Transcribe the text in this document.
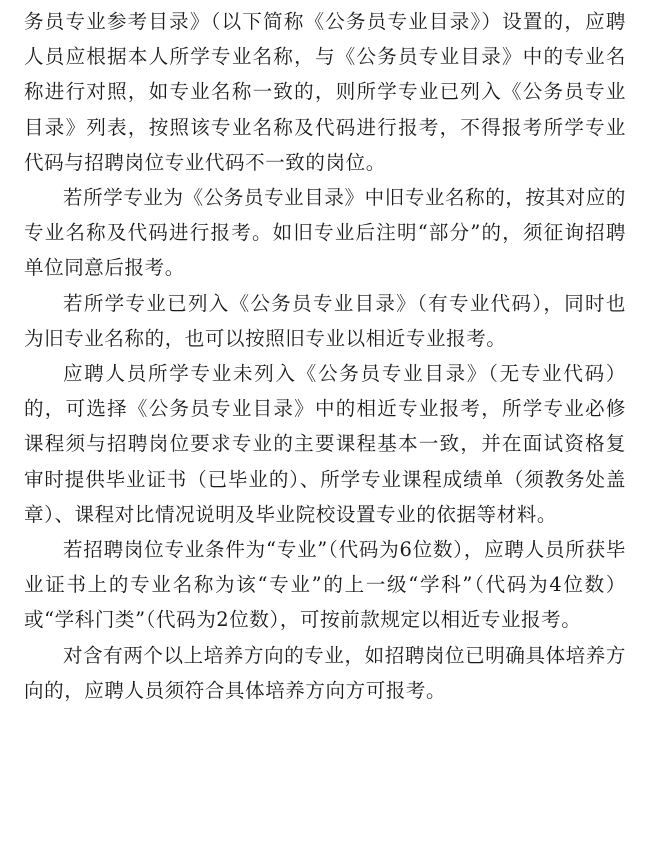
务员专业参考目录》（以下简称《公务员专业目录》）设置的，应聘人员应根据本人所学专业名称，与《公务员专业目录》中的专业名称进行对照，如专业名称一致的，则所学专业已列入《公务员专业目录》列表，按照该专业名称及代码进行报考，不得报考所学专业代码与招聘岗位专业代码不一致的岗位。

若所学专业为《公务员专业目录》中旧专业名称的，按其对应的专业名称及代码进行报考。如旧专业后注明“部分”的，须征询招聘单位同意后报考。

若所学专业已列入《公务员专业目录》（有专业代码），同时也为旧专业名称的，也可以按照旧专业以相近专业报考。

应聘人员所学专业未列入《公务员专业目录》（无专业代码）的，可选择《公务员专业目录》中的相近专业报考，所学专业必修课程须与招聘岗位要求专业的主要课程基本一致，并在面试资格复审时提供毕业证书（已毕业的）、所学专业课程成绩单（须教务处盖章）、课程对比情况说明及毕业院校设置专业的依据等材料。

若招聘岗位专业条件为“专业”（代码为6位数），应聘人员所获毕业证书上的专业名称为该“专业”的上一级“学科”（代码为4位数）或“学科门类”（代码为2位数），可按前款规定以相近专业报考。

对含有两个以上培养方向的专业，如招聘岗位已明确具体培养方向的，应聘人员须符合具体培养方向方可报考。
